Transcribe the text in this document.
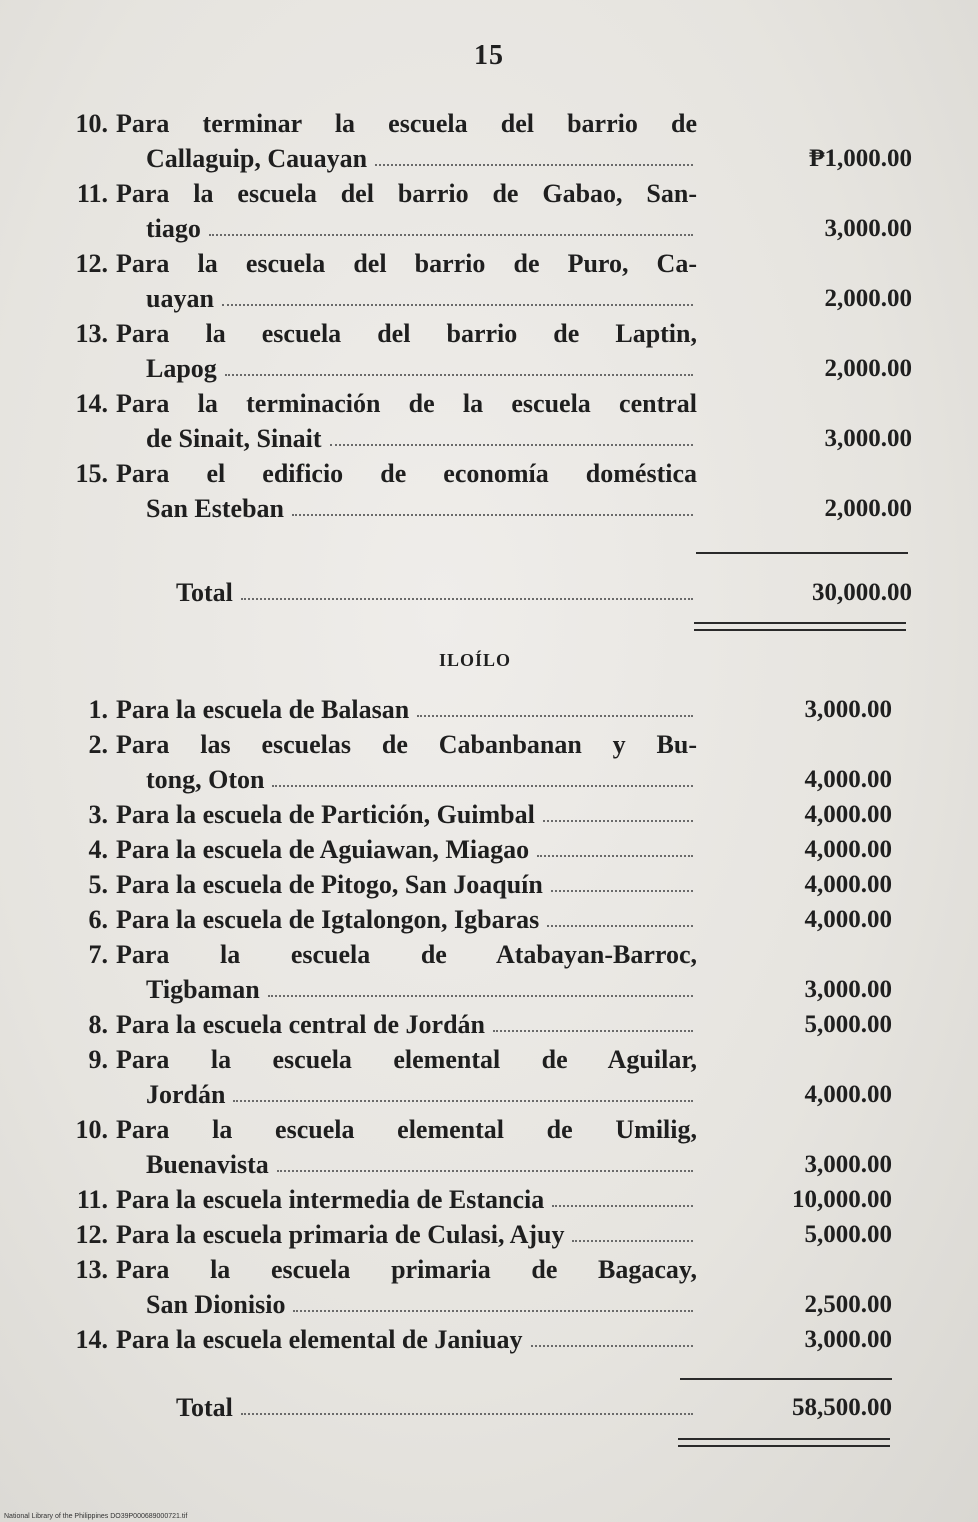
15
10. Para terminar la escuela del barrio de
Callaguip, Cauayan	₱1,000.00
11. Para la escuela del barrio de Gabao, San-
tiago	3,000.00
12. Para la escuela del barrio de Puro, Ca-
uayan	2,000.00
13. Para la escuela del barrio de Laptin,
Lapog	2,000.00
14. Para la terminación de la escuela central
de Sinait, Sinait	3,000.00
15. Para el edificio de economía doméstica
San Esteban	2,000.00
Total	30,000.00
ILOÍLO
1. Para la escuela de Balasan	3,000.00
2. Para las escuelas de Cabanbanan y Bu-
tong, Oton	4,000.00
3. Para la escuela de Partición, Guimbal	4,000.00
4. Para la escuela de Aguiawan, Miagao	4,000.00
5. Para la escuela de Pitogo, San Joaquín	4,000.00
6. Para la escuela de Igtalongon, Igbaras	4,000.00
7. Para la escuela de Atabayan-Barroc,
Tigbaman	3,000.00
8. Para la escuela central de Jordán	5,000.00
9. Para la escuela elemental de Aguilar,
Jordán	4,000.00
10. Para la escuela elemental de Umilig,
Buenavista	3,000.00
11. Para la escuela intermedia de Estancia	10,000.00
12. Para la escuela primaria de Culasi, Ajuy	5,000.00
13. Para la escuela primaria de Bagacay,
San Dionisio	2,500.00
14. Para la escuela elemental de Janiuay	3,000.00
Total	58,500.00
National Library of the Philippines DO39P000689000721.tif
